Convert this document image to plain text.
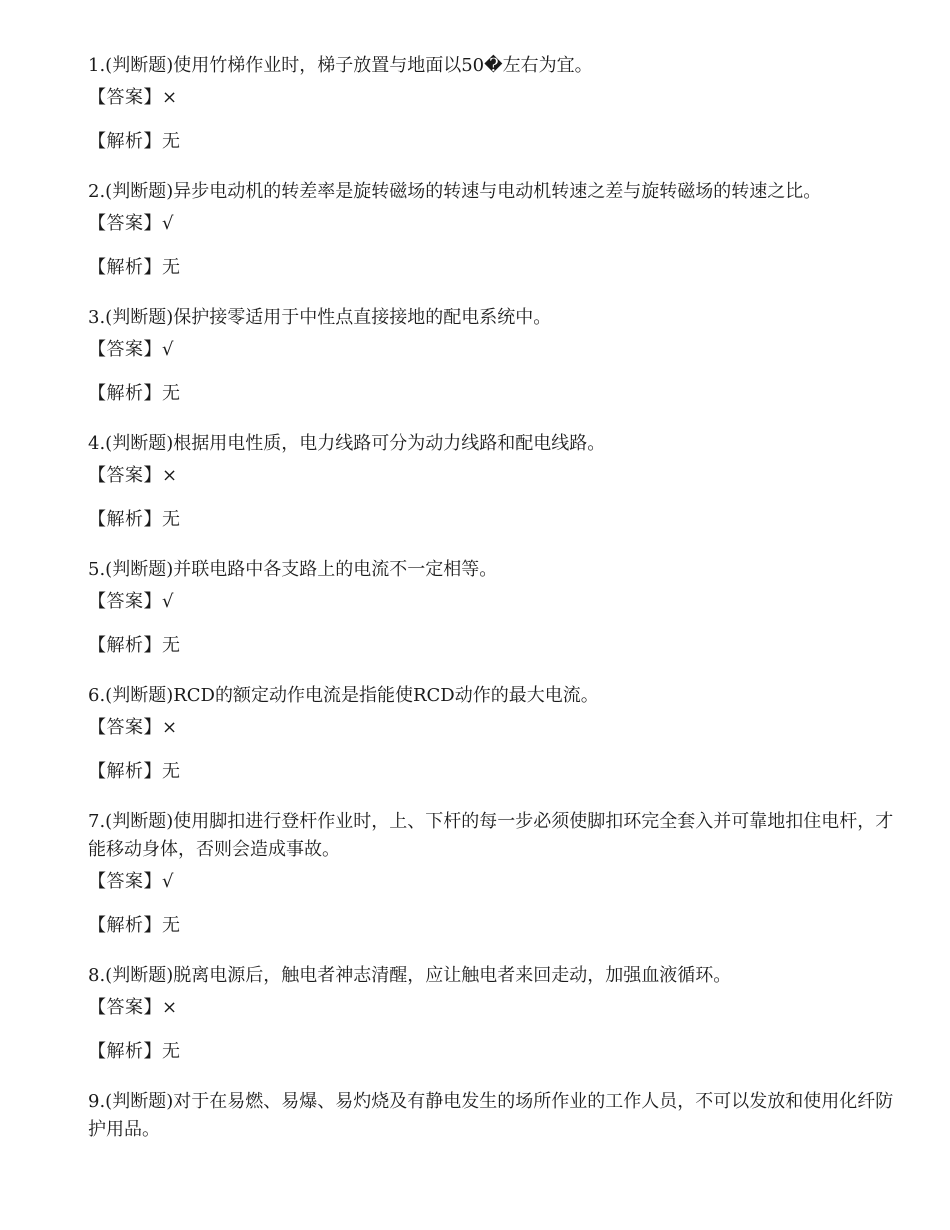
1.(判断题)使用竹梯作业时，梯子放置与地面以50�左右为宜。

【答案】×

【解析】无

2.(判断题)异步电动机的转差率是旋转磁场的转速与电动机转速之差与旋转磁场的转速之比。

【答案】√

【解析】无

3.(判断题)保护接零适用于中性点直接接地的配电系统中。

【答案】√

【解析】无

4.(判断题)根据用电性质，电力线路可分为动力线路和配电线路。

【答案】×

【解析】无

5.(判断题)并联电路中各支路上的电流不一定相等。

【答案】√

【解析】无

6.(判断题)RCD的额定动作电流是指能使RCD动作的最大电流。

【答案】×

【解析】无

7.(判断题)使用脚扣进行登杆作业时，上、下杆的每一步必须使脚扣环完全套入并可靠地扣住电杆，才能移动身体，否则会造成事故。

【答案】√

【解析】无

8.(判断题)脱离电源后，触电者神志清醒，应让触电者来回走动，加强血液循环。

【答案】×

【解析】无

9.(判断题)对于在易燃、易爆、易灼烧及有静电发生的场所作业的工作人员，不可以发放和使用化纤防护用品。
